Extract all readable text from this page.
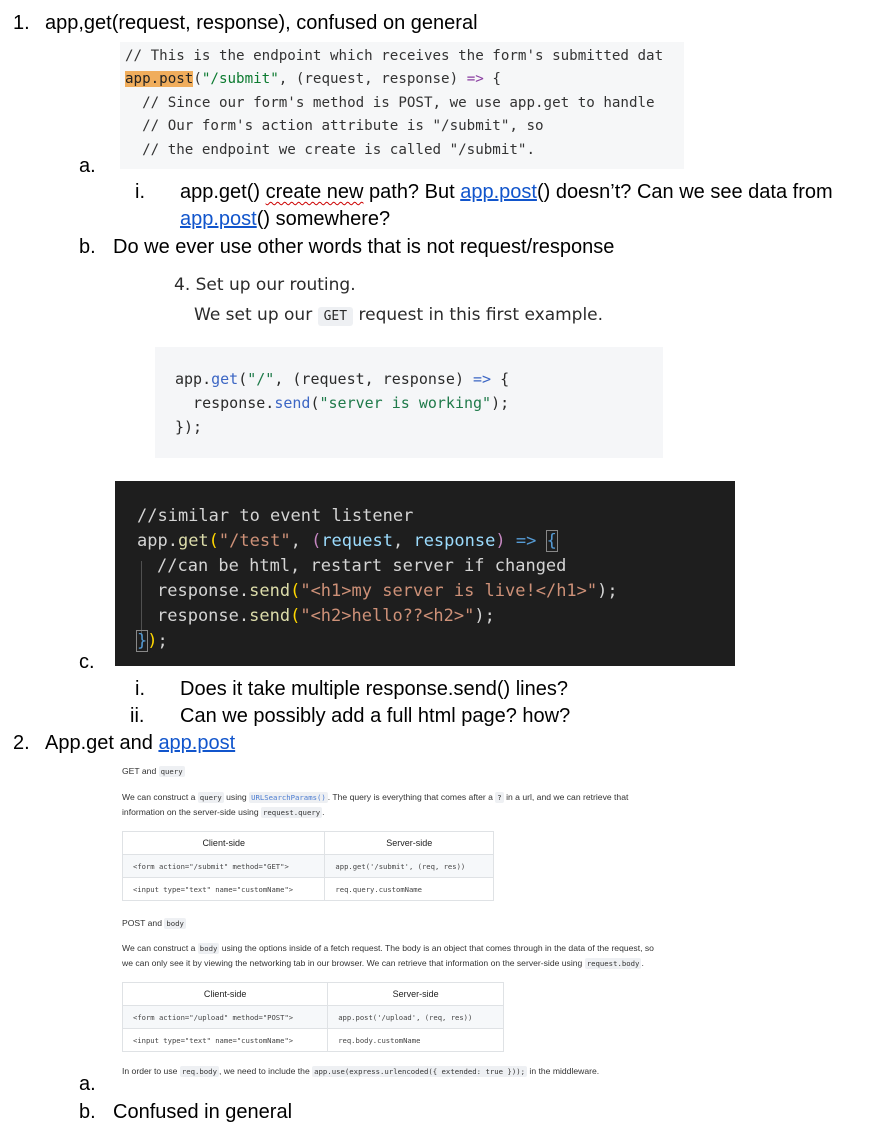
1. app,get(request, response), confused on general
// This is the endpoint which receives the form's submitted dat
app.post("/submit", (request, response) => {
// Since our form's method is POST, we use app.get to handle
// Our form's action attribute is "/submit", so
// the endpoint we create is called "/submit".
a.
i. app.get() create new path? But app.post() doesn’t? Can we see data from
app.post() somewhere?
b. Do we ever use other words that is not request/response
4. Set up our routing.
We set up our GET request in this first example.
app.get("/", (request, response) => {
response.send("server is working");
});
//similar to event listener
app.get("/test", (request, response) => {
//can be html, restart server if changed
response.send("<h1>my server is live!</h1>");
response.send("<h2>hello??<h2>");
});
c.
i. Does it take multiple response.send() lines?
ii. Can we possibly add a full html page? how?
2. App.get and app.post
GET and query

We can construct a query using URLSearchParams() . The query is everything that comes after a ? in a url, and we can retrieve that

information on the server-side using request.query .

Client-side	Server-side
<form action="/submit" method="GET">	app.get('/submit', (req, res))
<input type="text" name="customName">	req.query.customName
POST and body

We can construct a body using the options inside of a fetch request. The body is an object that comes through in the data of the request, so

we can only see it by viewing the networking tab in our browser. We can retrieve that information on the server-side using request.body .

Client-side	Server-side
<form action="/upload" method="POST">	app.post('/upload', (req, res))
<input type="text" name="customName">	req.body.customName

In order to use req.body , we need to include the app.use(express.urlencoded({ extended: true })); in the middleware.

a.
b. Confused in general
